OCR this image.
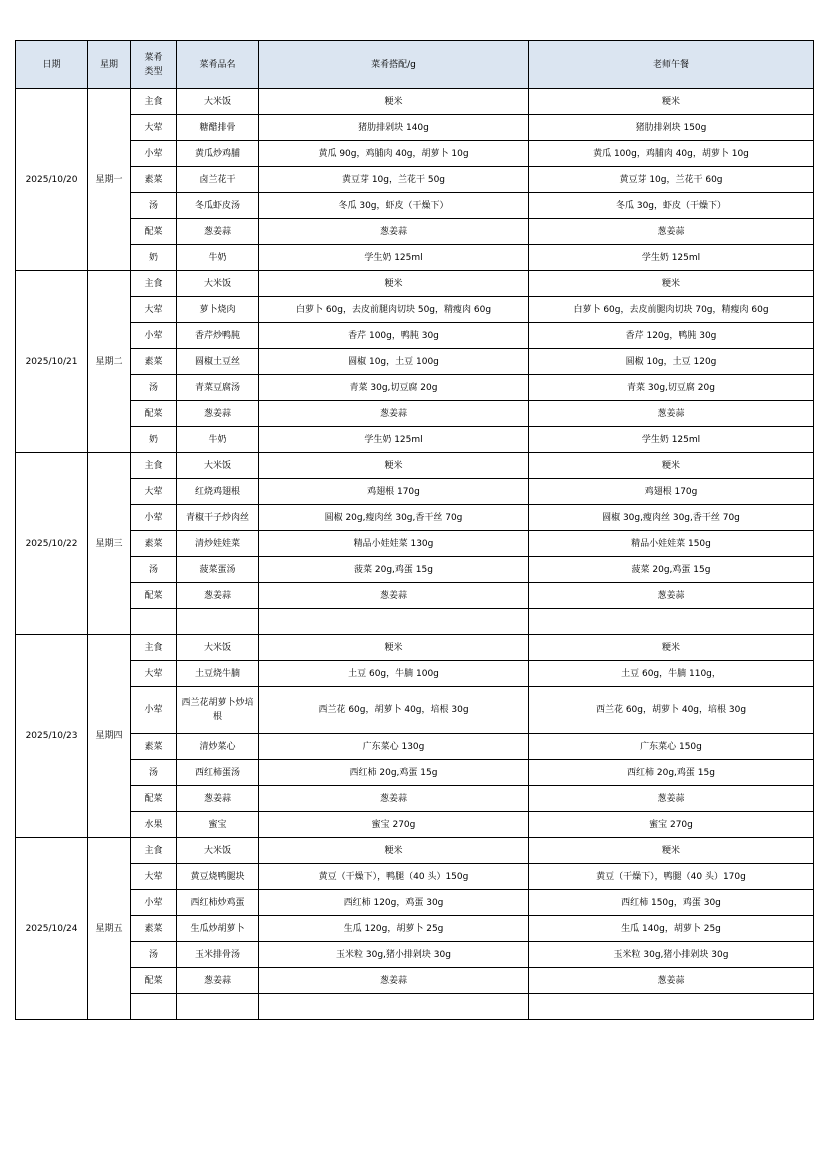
日期	星期	菜肴类型	菜肴品名	菜肴搭配/g	老师午餐
2025/10/20	星期一	主食	大米饭	粳米	粳米
		大荤	糖醋排骨	猪肋排剁块 140g	猪肋排剁块 150g
		小荤	黄瓜炒鸡脯	黄瓜 90g，鸡脯肉 40g，胡萝卜 10g	黄瓜 100g，鸡脯肉 40g，胡萝卜 10g
		素菜	卤兰花干	黄豆芽 10g，兰花干 50g	黄豆芽 10g，兰花干 60g
		汤	冬瓜虾皮汤	冬瓜 30g，虾皮（干燥下）	冬瓜 30g，虾皮（干燥下）
		配菜	葱姜蒜	葱姜蒜	葱姜蒜
		奶	牛奶	学生奶 125ml	学生奶 125ml
2025/10/21	星期二	主食	大米饭	粳米	粳米
		大荤	萝卜烧肉	白萝卜 60g，去皮前腿肉切块 50g，精瘦肉 60g	白萝卜 60g，去皮前腿肉切块 70g，精瘦肉 60g
		小荤	香芹炒鸭肫	香芹 100g，鸭肫 30g	香芹 120g，鸭肫 30g
		素菜	圆椒土豆丝	圆椒 10g，土豆 100g	圆椒 10g，土豆 120g
		汤	青菜豆腐汤	青菜 30g,切豆腐 20g	青菜 30g,切豆腐 20g
		配菜	葱姜蒜	葱姜蒜	葱姜蒜
		奶	牛奶	学生奶 125ml	学生奶 125ml
2025/10/22	星期三	主食	大米饭	粳米	粳米
		大荤	红烧鸡翅根	鸡翅根 170g	鸡翅根 170g
		小荤	青椒干子炒肉丝	圆椒 20g,瘦肉丝 30g,香干丝 70g	圆椒 30g,瘦肉丝 30g,香干丝 70g
		素菜	清炒娃娃菜	精品小娃娃菜 130g	精品小娃娃菜 150g
		汤	菠菜蛋汤	菠菜 20g,鸡蛋 15g	菠菜 20g,鸡蛋 15g
		配菜	葱姜蒜	葱姜蒜	葱姜蒜

2025/10/23	星期四	主食	大米饭	粳米	粳米
		大荤	土豆烧牛腩	土豆 60g，牛腩 100g	土豆 60g，牛腩 110g，
		小荤	西兰花胡萝卜炒培根	西兰花 60g，胡萝卜 40g，培根 30g	西兰花 60g，胡萝卜 40g，培根 30g
		素菜	清炒菜心	广东菜心 130g	广东菜心 150g
		汤	西红柿蛋汤	西红柿 20g,鸡蛋 15g	西红柿 20g,鸡蛋 15g
		配菜	葱姜蒜	葱姜蒜	葱姜蒜
		水果	蜜宝	蜜宝 270g	蜜宝 270g
2025/10/24	星期五	主食	大米饭	粳米	粳米
		大荤	黄豆烧鸭腿块	黄豆（干燥下），鸭腿（40 头）150g	黄豆（干燥下），鸭腿（40 头）170g
		小荤	西红柿炒鸡蛋	西红柿 120g，鸡蛋 30g	西红柿 150g，鸡蛋 30g
		素菜	生瓜炒胡萝卜	生瓜 120g，胡萝卜 25g	生瓜 140g，胡萝卜 25g
		汤	玉米排骨汤	玉米粒 30g,猪小排剁块 30g	玉米粒 30g,猪小排剁块 30g
		配菜	葱姜蒜	葱姜蒜	葱姜蒜
